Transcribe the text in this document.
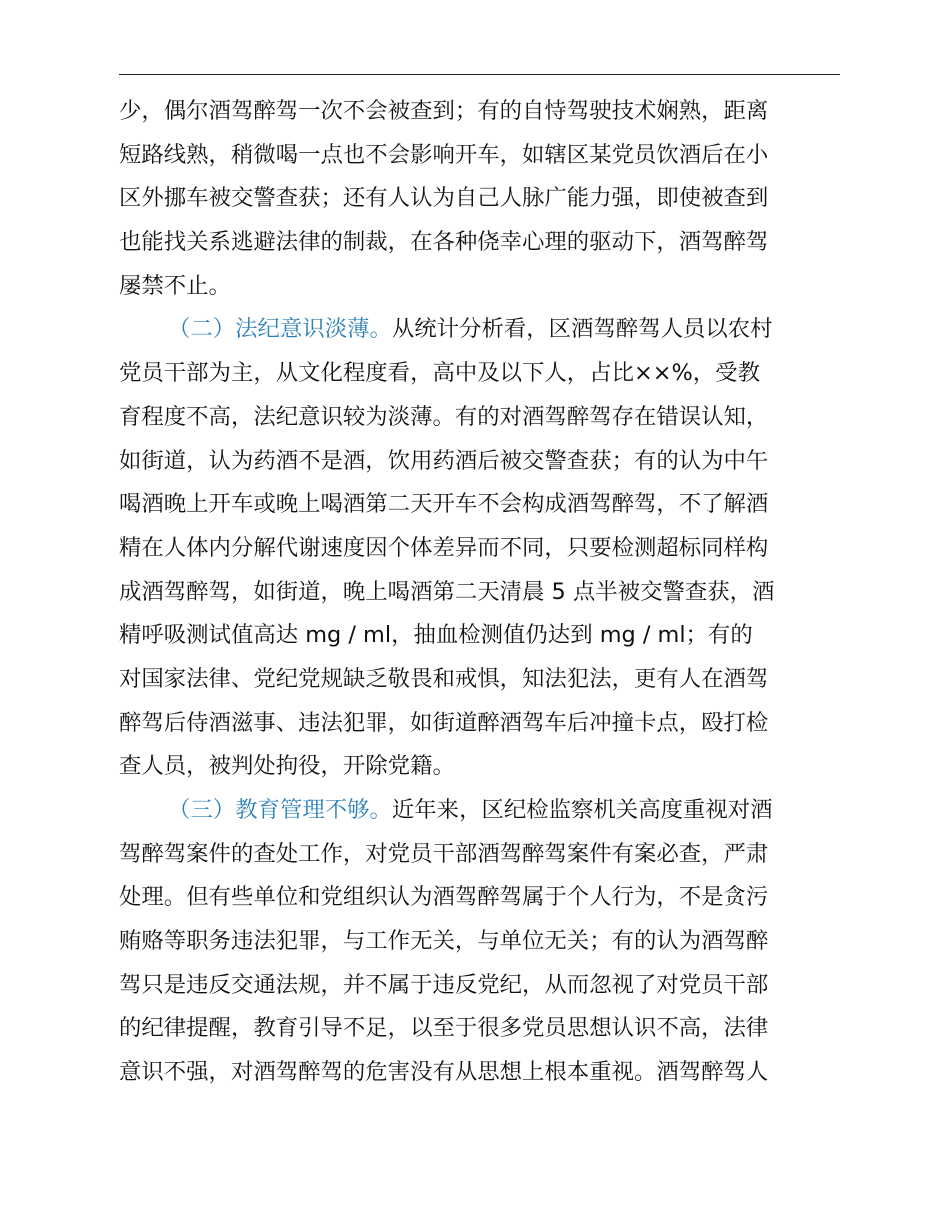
少，偶尔酒驾醉驾一次不会被查到；有的自恃驾驶技术娴熟，距离
短路线熟，稍微喝一点也不会影响开车，如辖区某党员饮酒后在小
区外挪车被交警查获；还有人认为自己人脉广能力强，即使被查到
也能找关系逃避法律的制裁，在各种侥幸心理的驱动下，酒驾醉驾
屡禁不止。
（二）法纪意识淡薄。从统计分析看，区酒驾醉驾人员以农村
党员干部为主，从文化程度看，高中及以下人，占比××%，受教
育程度不高，法纪意识较为淡薄。有的对酒驾醉驾存在错误认知，
如街道，认为药酒不是酒，饮用药酒后被交警查获；有的认为中午
喝酒晚上开车或晚上喝酒第二天开车不会构成酒驾醉驾，不了解酒
精在人体内分解代谢速度因个体差异而不同，只要检测超标同样构
成酒驾醉驾，如街道，晚上喝酒第二天清晨 5 点半被交警查获，酒
精呼吸测试值高达 mg / ml，抽血检测值仍达到 mg / ml；有的
对国家法律、党纪党规缺乏敬畏和戒惧，知法犯法，更有人在酒驾
醉驾后侍酒滋事、违法犯罪，如街道醉酒驾车后冲撞卡点，殴打检
查人员，被判处拘役，开除党籍。
（三）教育管理不够。近年来，区纪检监察机关高度重视对酒
驾醉驾案件的查处工作，对党员干部酒驾醉驾案件有案必查，严肃
处理。但有些单位和党组织认为酒驾醉驾属于个人行为，不是贪污
贿赂等职务违法犯罪，与工作无关，与单位无关；有的认为酒驾醉
驾只是违反交通法规，并不属于违反党纪，从而忽视了对党员干部
的纪律提醒，教育引导不足，以至于很多党员思想认识不高，法律
意识不强，对酒驾醉驾的危害没有从思想上根本重视。酒驾醉驾人
